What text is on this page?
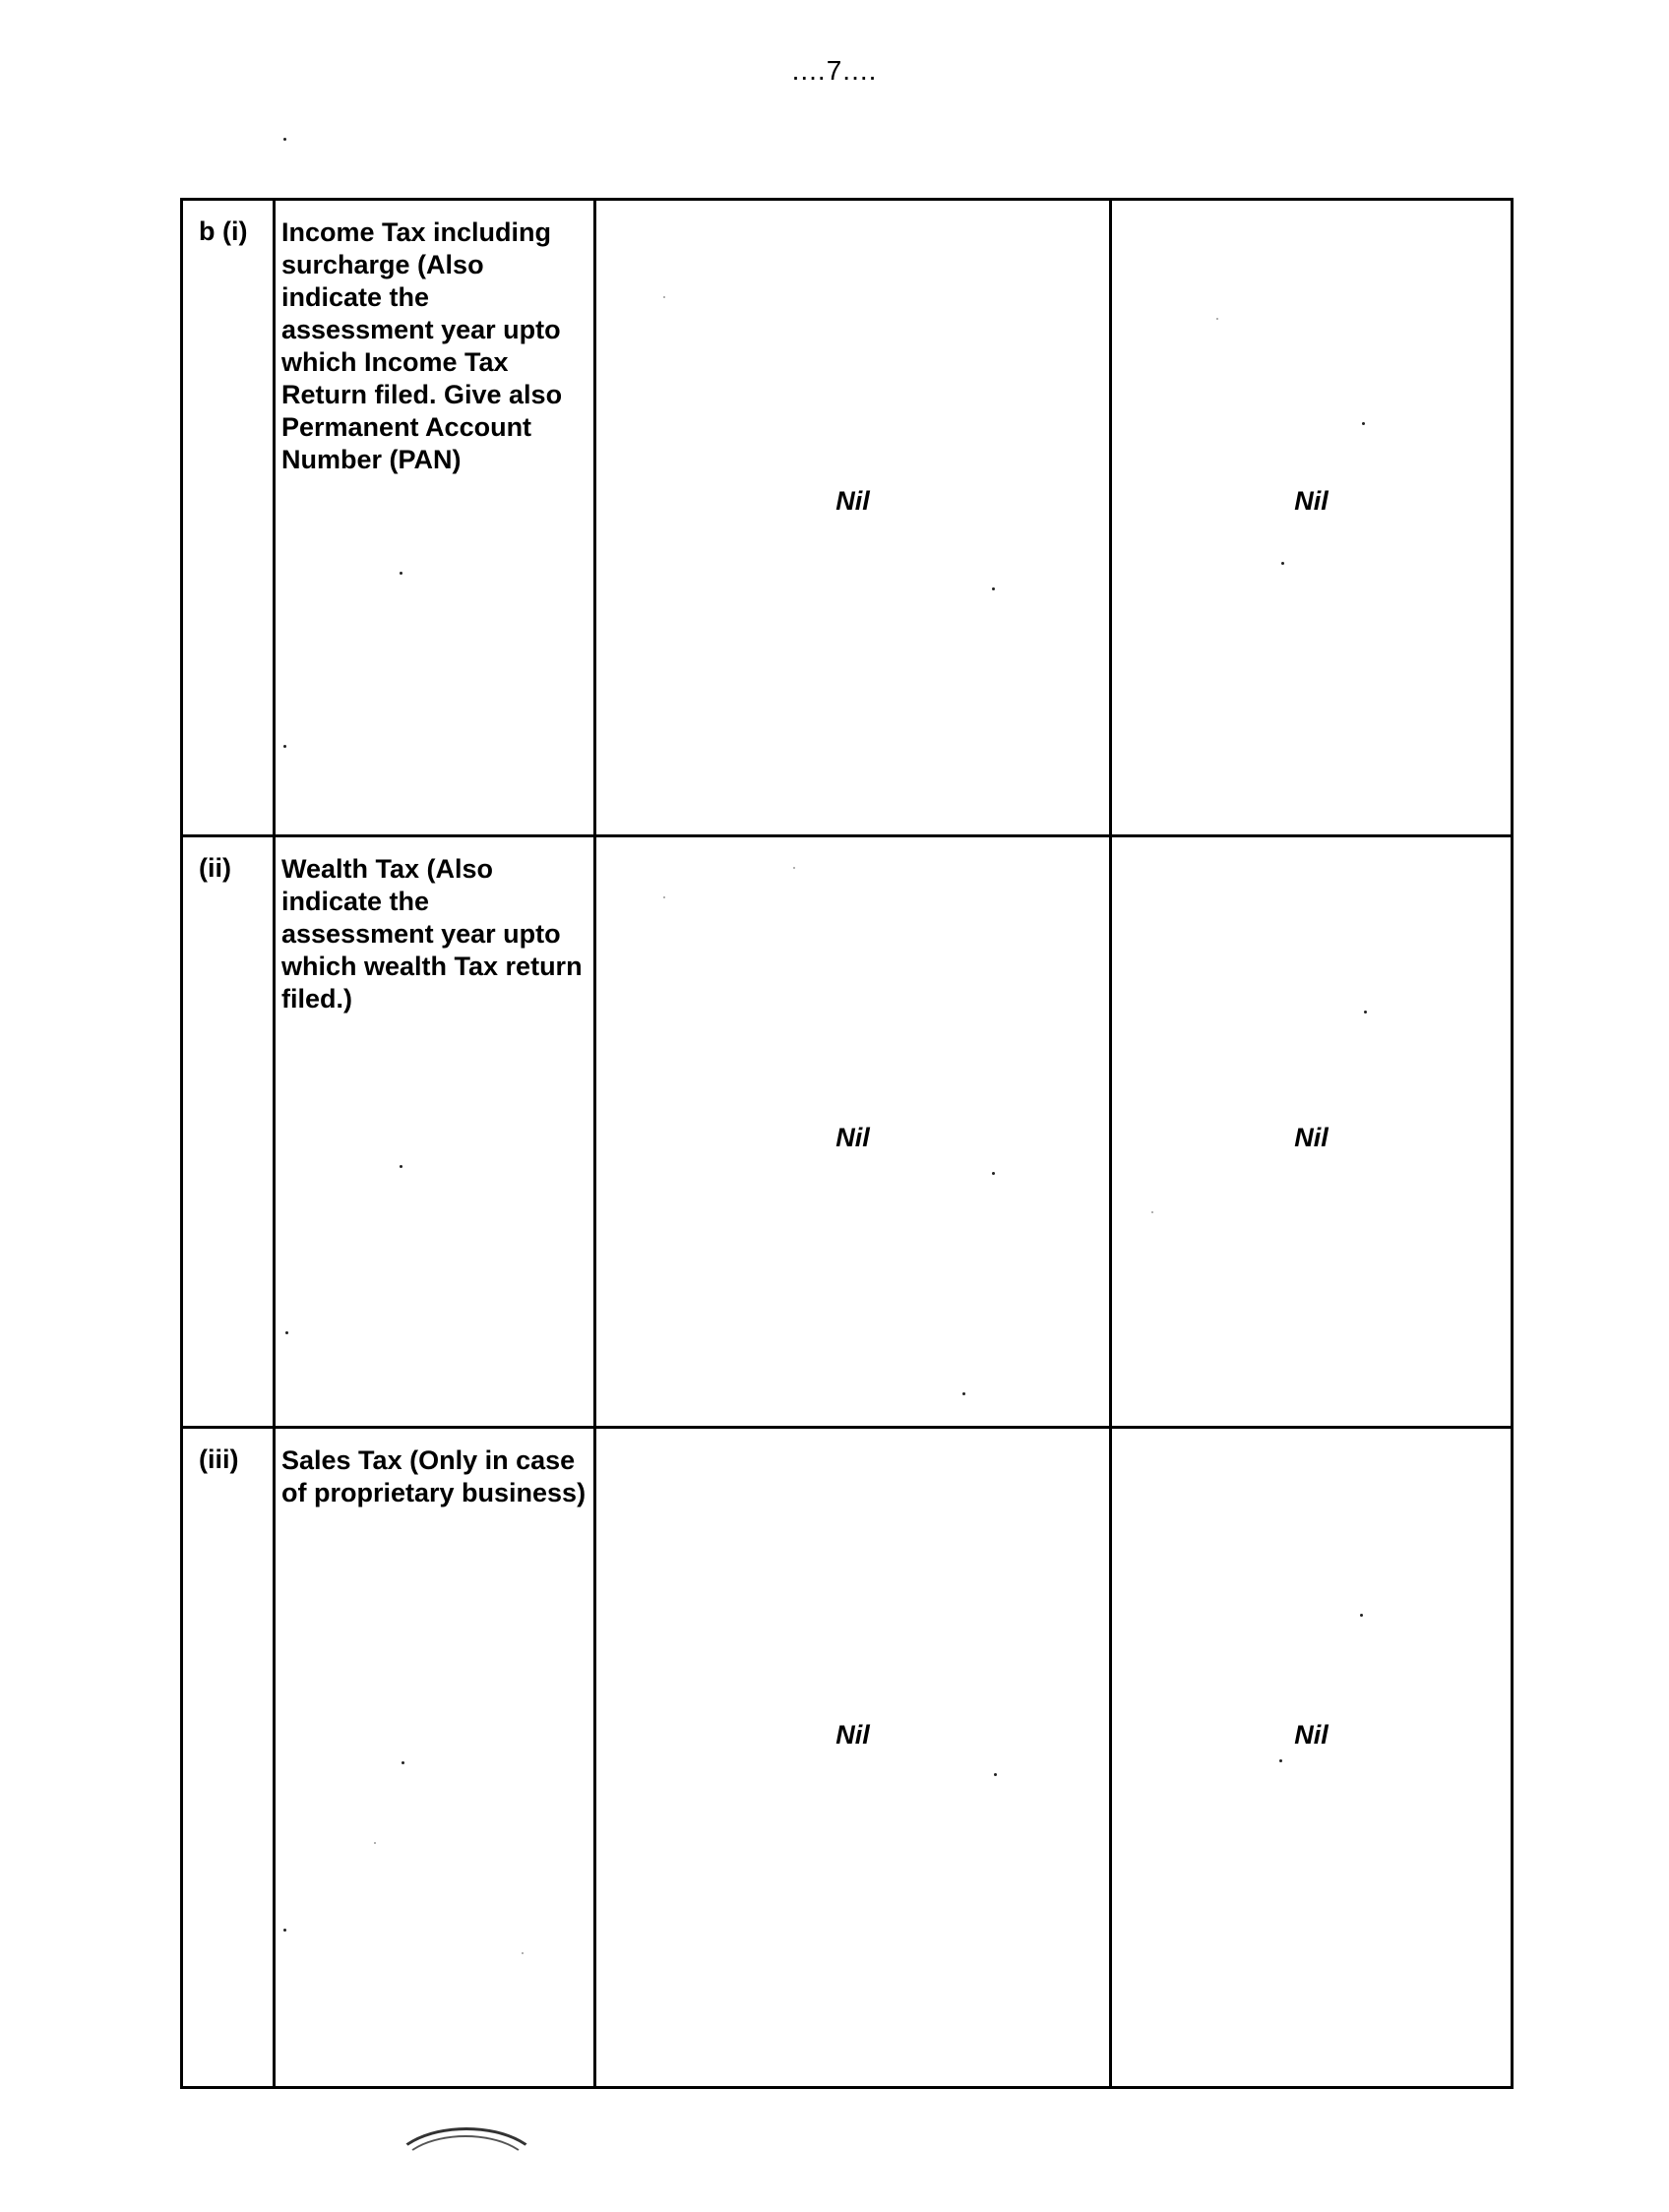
....7....
b (i)	Income Tax including surcharge (Also indicate the assessment year upto which Income Tax Return filed. Give also Permanent Account Number (PAN)	Nil	Nil

(ii)	Wealth Tax (Also indicate the assessment year upto which wealth Tax return filed.)	Nil	Nil

(iii)	Sales Tax (Only in case of proprietary business)	Nil	Nil
